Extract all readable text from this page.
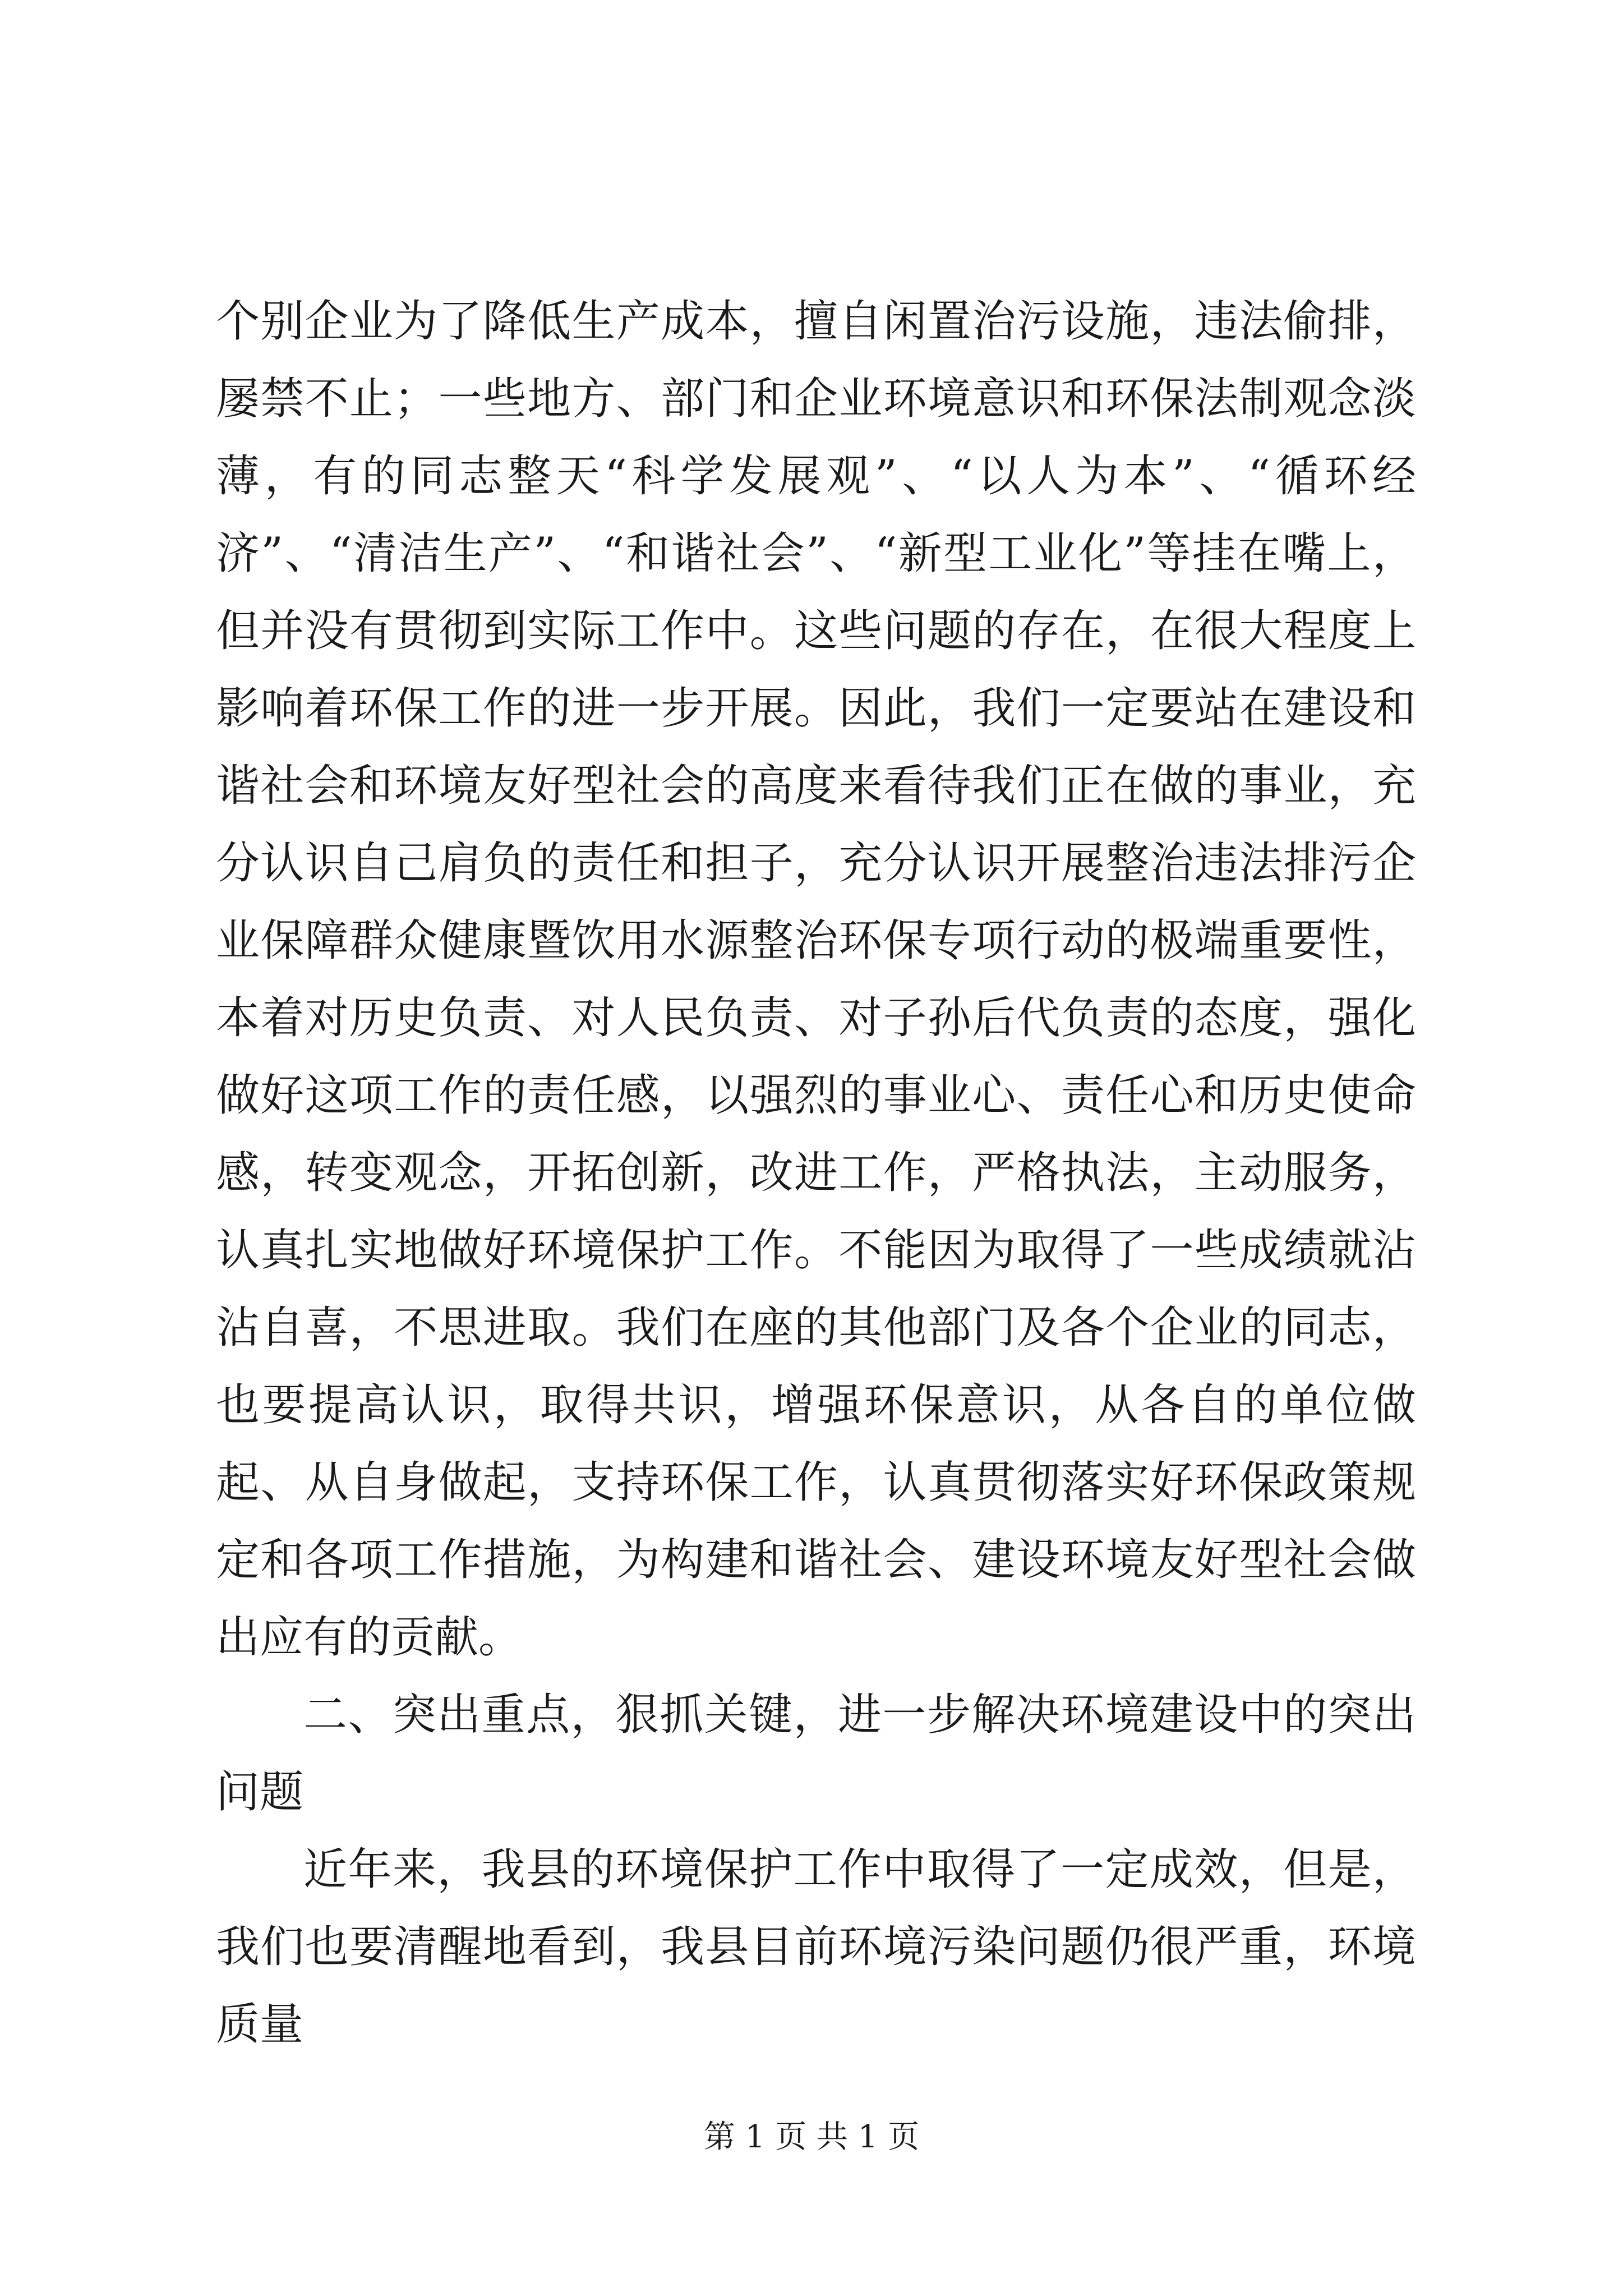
个别企业为了降低生产成本，擅自闲置治污设施，违法偷排，屡禁不止；一些地方、部门和企业环境意识和环保法制观念淡薄，有的同志整天“科学发展观”、“以人为本”、“循环经济”、“清洁生产”、“和谐社会”、“新型工业化”等挂在嘴上，但并没有贯彻到实际工作中。这些问题的存在，在很大程度上影响着环保工作的进一步开展。因此，我们一定要站在建设和谐社会和环境友好型社会的高度来看待我们正在做的事业，充分认识自己肩负的责任和担子，充分认识开展整治违法排污企业保障群众健康暨饮用水源整治环保专项行动的极端重要性，本着对历史负责、对人民负责、对子孙后代负责的态度，强化做好这项工作的责任感，以强烈的事业心、责任心和历史使命感，转变观念，开拓创新，改进工作，严格执法，主动服务，认真扎实地做好环境保护工作。不能因为取得了一些成绩就沾沾自喜，不思进取。我们在座的其他部门及各个企业的同志，也要提高认识，取得共识，增强环保意识，从各自的单位做起、从自身做起，支持环保工作，认真贯彻落实好环保政策规定和各项工作措施，为构建和谐社会、建设环境友好型社会做出应有的贡献。

二、突出重点，狠抓关键，进一步解决环境建设中的突出问题

近年来，我县的环境保护工作中取得了一定成效，但是，我们也要清醒地看到，我县目前环境污染问题仍很严重，环境质量

第 1 页 共 1 页
